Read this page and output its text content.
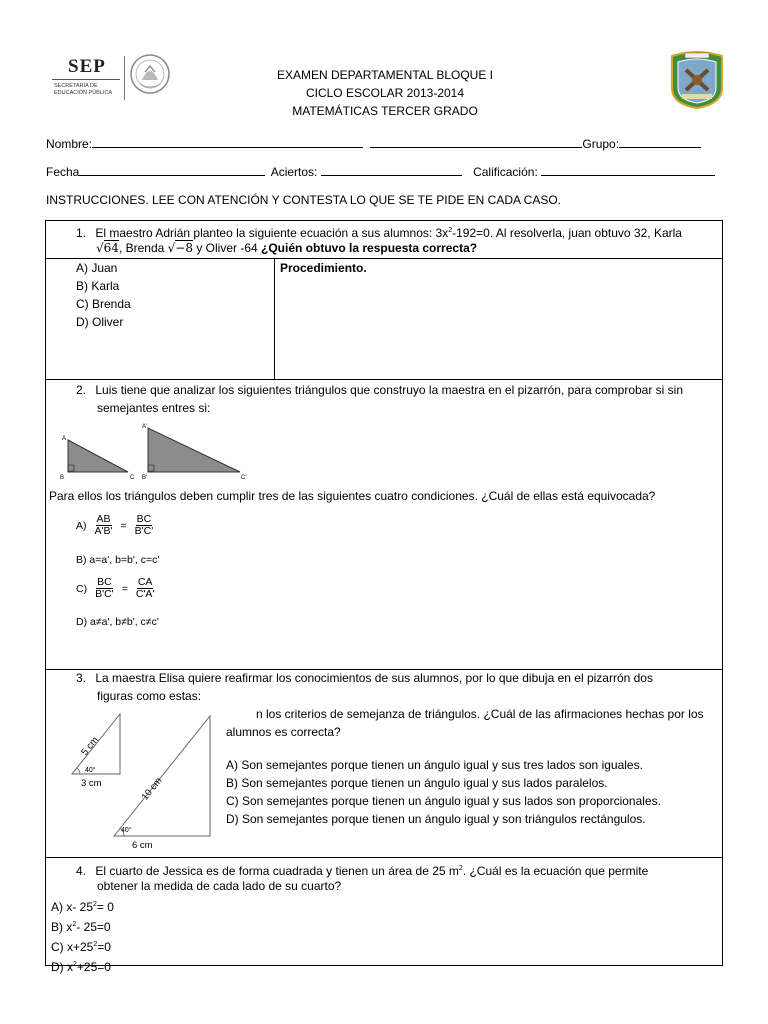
SEP
SECRETARÍA DE
EDUCACIÓN PÚBLICA
EXAMEN DEPARTAMENTAL BLOQUE I
CICLO ESCOLAR 2013-2014
MATEMÁTICAS TERCER GRADO
Nombre:	Grupo:
Fecha	Aciertos:	Calificación:
INSTRUCCIONES. LEE CON ATENCIÓN Y CONTESTA LO QUE SE TE PIDE EN CADA CASO.
1. El maestro Adrián planteo la siguiente ecuación a sus alumnos: $3x^2-192=0$. Al resolverla, juan obtuvo 32, Karla
√64, Brenda √−8 y Oliver -64 ¿Quién obtuvo la respuesta correcta?
A) Juan
B) Karla
C) Brenda
D) Oliver
Procedimiento.
2. Luis tiene que analizar los siguientes triángulos que construyo la maestra en el pizarrón, para comprobar si sin
semejantes entres si:
A
B	C
A'
B'	C'
Para ellos los triángulos deben cumplir tres de las siguientes cuatro condiciones. ¿Cuál de ellas está equivocada?
$A) \frac{AB}{A'B'} = \frac{BC}{B'C'}$
B) a=a', b=b', c=c'
$C) \frac{BC}{B'C'} = \frac{CA}{C'A'}$
D) a≠a', b≠b', c≠c'
3. La maestra Elisa quiere reafirmar los conocimientos de sus alumnos, por lo que dibuja en el pizarrón dos
figuras como estas:
n los criterios de semejanza de triángulos. ¿Cuál de las afirmaciones hechas por los
alumnos es correcta?
5 cm
3 cm
40°
10 cm
6 cm
40°
A) Son semejantes porque tienen un ángulo igual y sus tres lados son iguales.
B) Son semejantes porque tienen un ángulo igual y sus lados paralelos.
C) Son semejantes porque tienen un ángulo igual y sus lados son proporcionales.
D) Son semejantes porque tienen un ángulo igual y son triángulos rectángulos.
4. El cuarto de Jessica es de forma cuadrada y tienen un área de 25 $m^2$. ¿Cuál es la ecuación que permite
obtener la medida de cada lado de su cuarto?
A) x- $25^2= 0$
B) $x^2-$ 25=0
C) $x+25^2=0$
D) $x^2+25=0$
